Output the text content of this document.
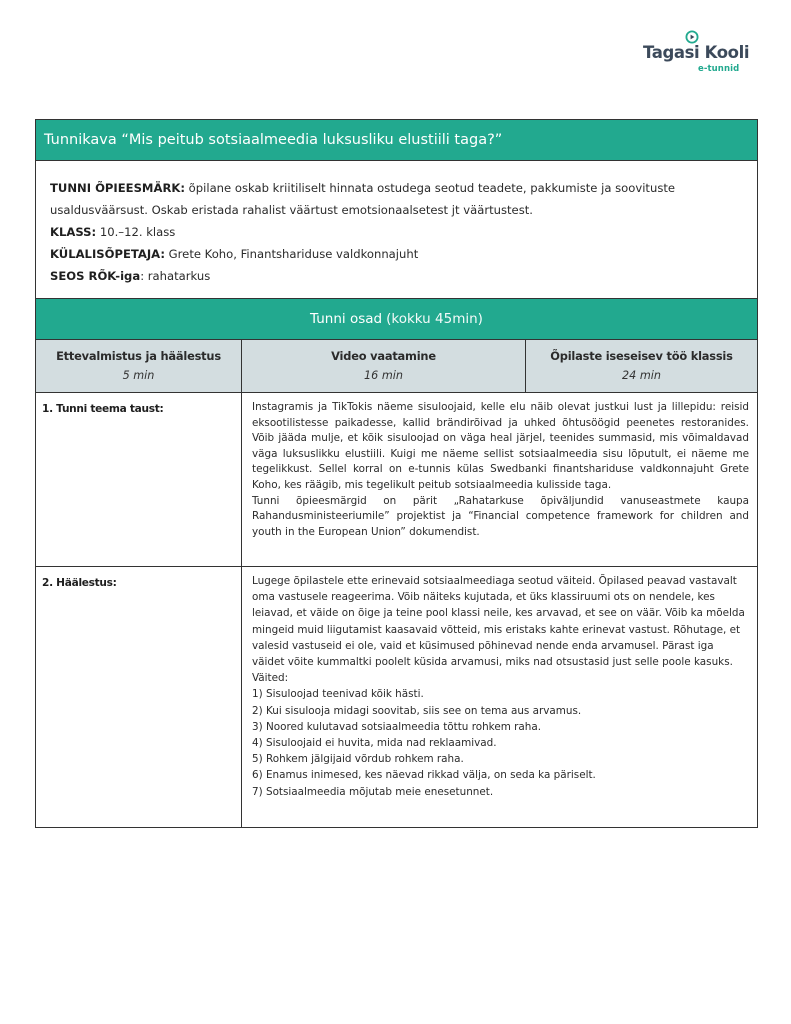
Tagasi Kooli
e-tunnid
Tunnikava “Mis peitub sotsiaalmeedia luksusliku elustiili taga?”
TUNNI ÕPIEESMÄRK: õpilane oskab kriitiliselt hinnata ostudega seotud teadete, pakkumiste ja soovituste usaldusväärsust. Oskab eristada rahalist väärtust emotsionaalsetest jt väärtustest.
KLASS: 10.–12. klass
KÜLALISÕPETAJA: Grete Koho, Finantshariduse valdkonnajuht
SEOS RÕK-iga: rahatarkus
Tunni osad (kokku 45min)
Ettevalmistus ja häälestus
5 min
Video vaatamine
16 min
Õpilaste iseseisev töö klassis
24 min
1. Tunni teema taust:	Instagramis ja TikTokis näeme sisuloojaid, kelle elu näib olevat justkui lust ja lillepidu: reisid eksootilistesse paikadesse, kallid brändirõivad ja uhked õhtusöögid peenetes restoranides. Võib jääda mulje, et kõik sisuloojad on väga heal järjel, teenides summasid, mis võimaldavad väga luksuslikku elustiili. Kuigi me näeme sellist sotsiaalmeedia sisu lõputult, ei näeme me tegelikkust. Sellel korral on e-tunnis külas Swedbanki finantshariduse valdkonnajuht Grete Koho, kes räägib, mis tegelikult peitub sotsiaalmeedia kulisside taga.

Tunni õpieesmärgid on pärit „Rahatarkuse õpiväljundid vanuseastmete kaupa Rahandusministeeriumile” projektist ja “Financial competence framework for children and youth in the European Union” dokumendist.

2. Häälestus:	Lugege õpilastele ette erinevaid sotsiaalmeediaga seotud väiteid. Õpilased peavad vastavalt oma vastusele reageerima. Võib näiteks kujutada, et üks klassiruumi ots on nendele, kes leiavad, et väide on õige ja teine pool klassi neile, kes arvavad, et see on väär. Võib ka mõelda mingeid muid liigutamist kaasavaid võtteid, mis eristaks kahte erinevat vastust. Rõhutage, et valesid vastuseid ei ole, vaid et küsimused põhinevad nende enda arvamusel. Pärast iga väidet võite kummaltki poolelt küsida arvamusi, miks nad otsustasid just selle poole kasuks.

Väited:

1) Sisuloojad teenivad kõik hästi.
2) Kui sisulooja midagi soovitab, siis see on tema aus arvamus.
3) Noored kulutavad sotsiaalmeedia tõttu rohkem raha.
4) Sisuloojaid ei huvita, mida nad reklaamivad.
5) Rohkem jälgijaid võrdub rohkem raha.
6) Enamus inimesed, kes näevad rikkad välja, on seda ka päriselt.
7) Sotsiaalmeedia mõjutab meie enesetunnet.
